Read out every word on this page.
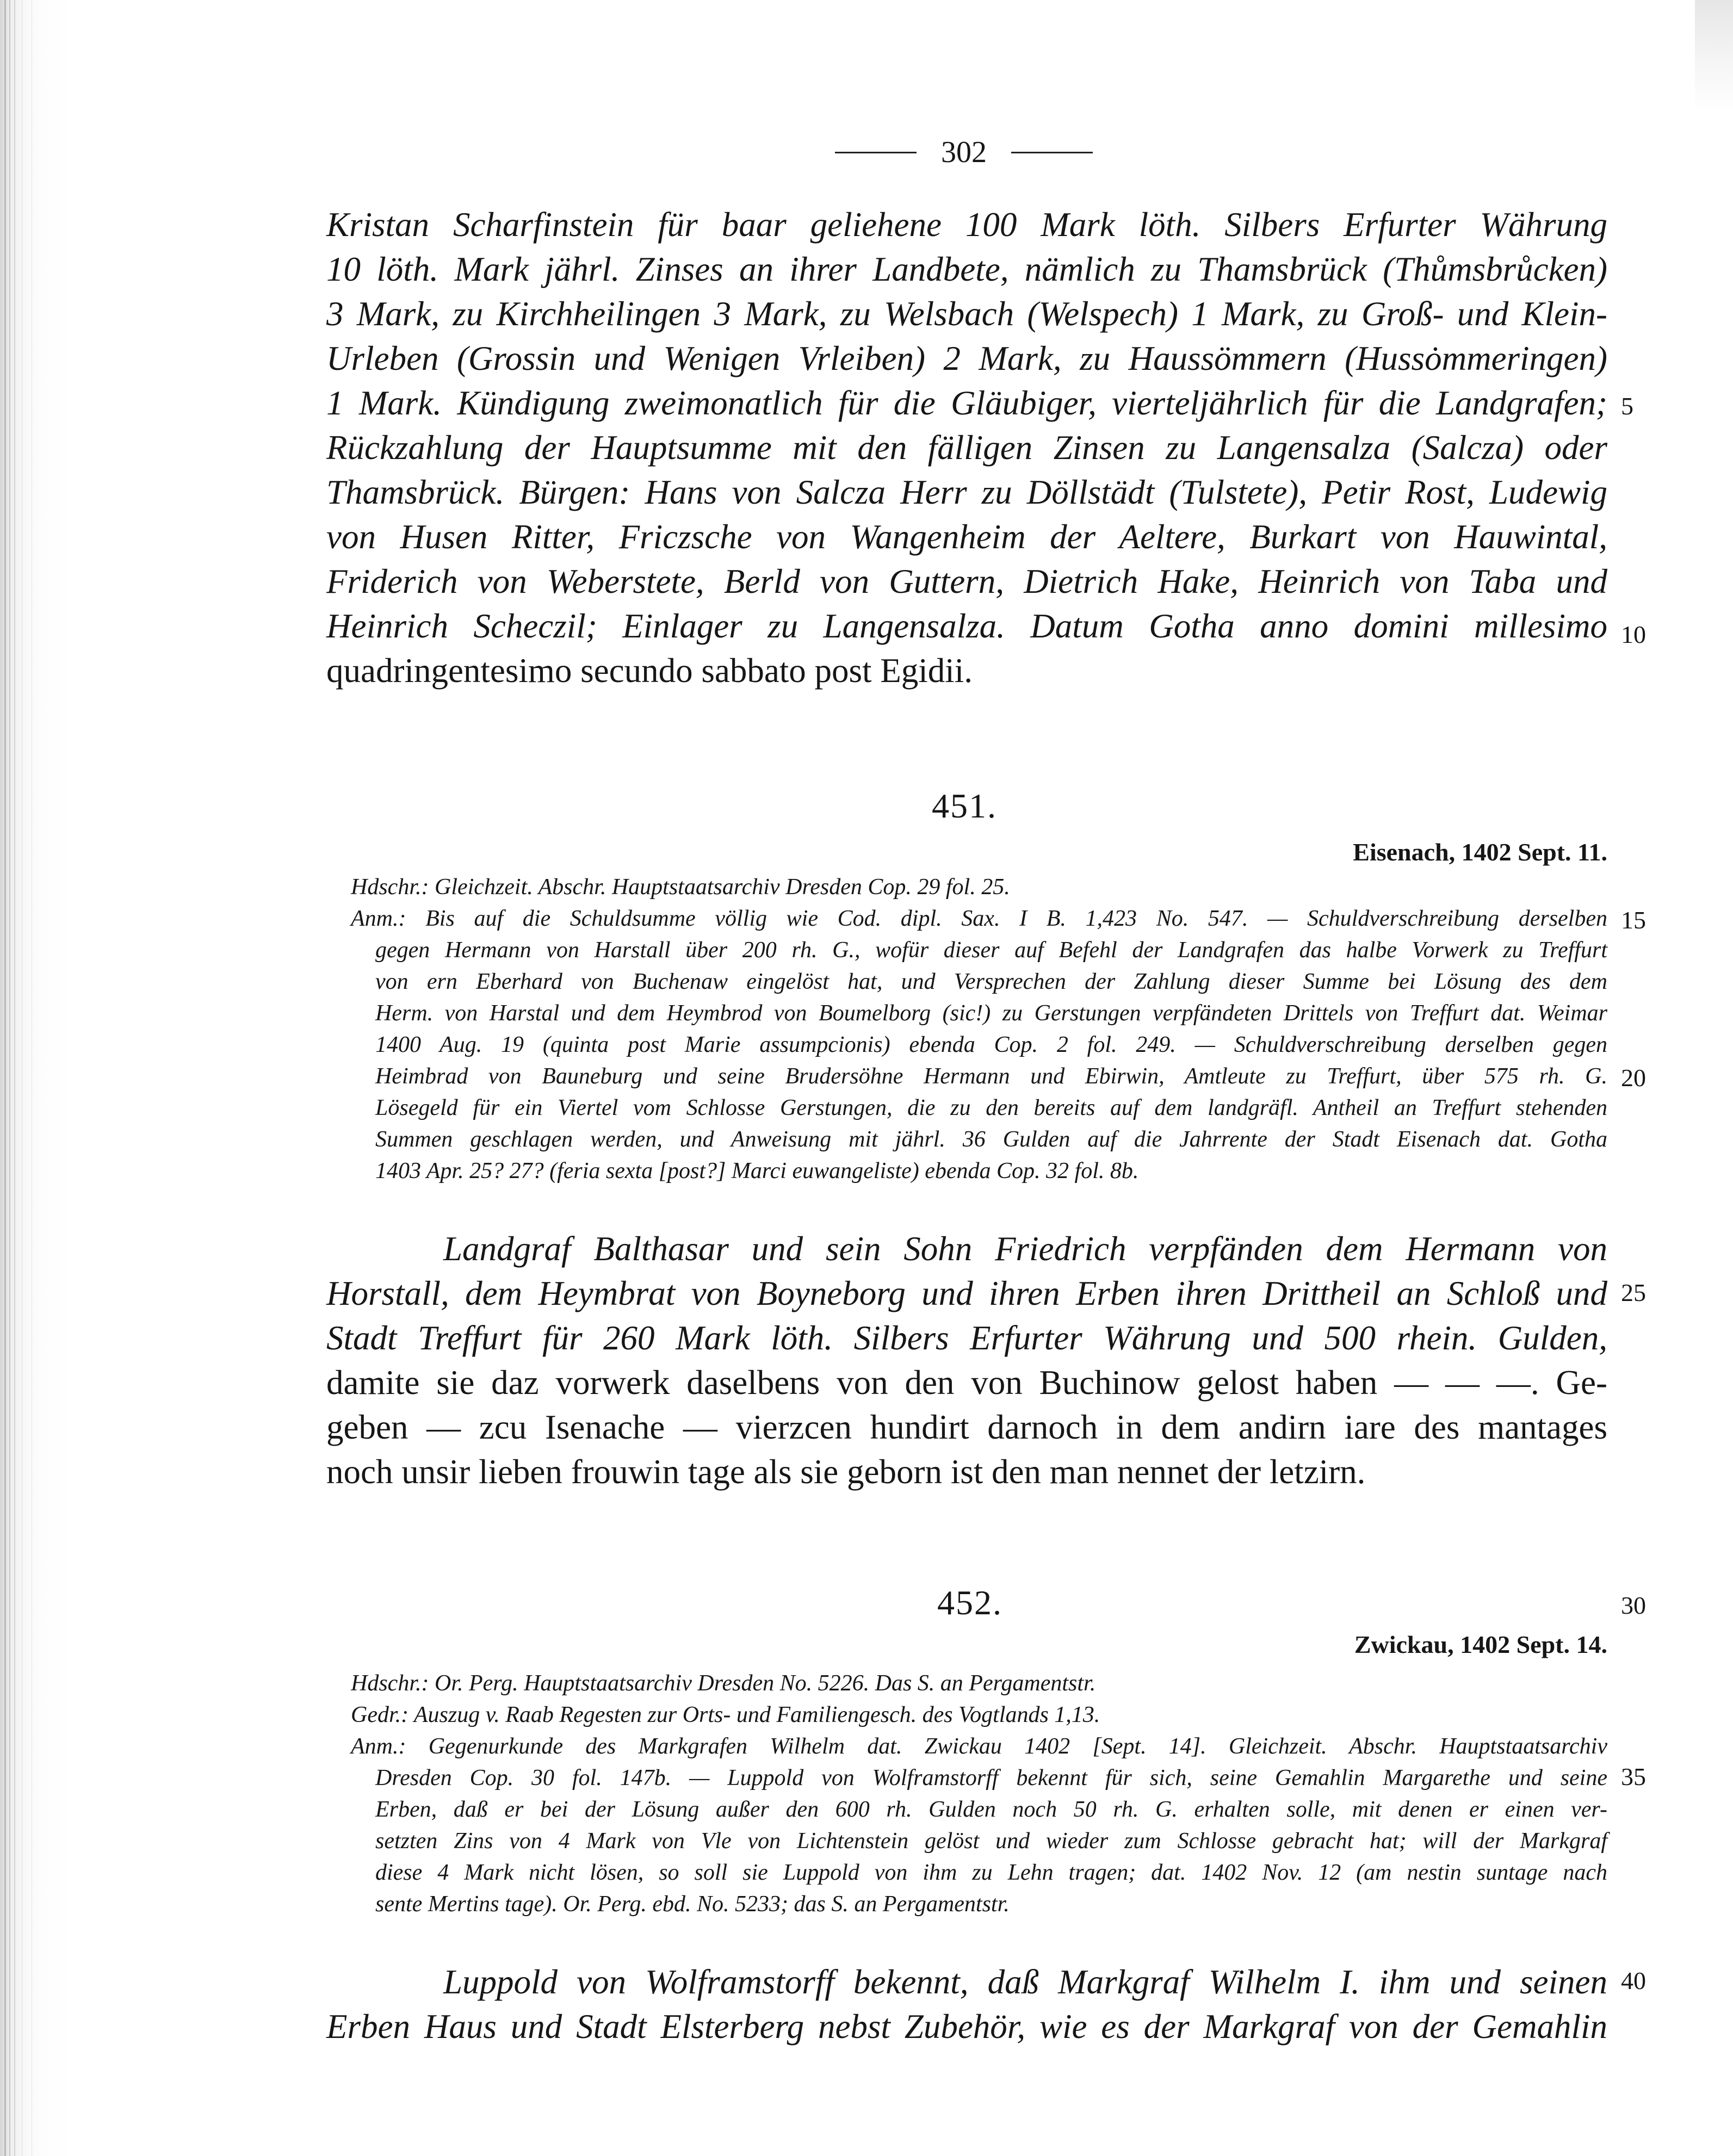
302
Kristan Scharfinstein für baar geliehene 100 Mark löth. Silbers Erfurter Währung
10 löth. Mark jährl. Zinses an ihrer Landbete, nämlich zu Thamsbrück (Thůmsbrůcken)
3 Mark, zu Kirchheilingen 3 Mark, zu Welsbach (Welspech) 1 Mark, zu Groß- und Klein-
Urleben (Grossin und Wenigen Vrleiben) 2 Mark, zu Haussömmern (Hussȯmmeringen)
1 Mark. Kündigung zweimonatlich für die Gläubiger, vierteljährlich für die Landgrafen;
Rückzahlung der Hauptsumme mit den fälligen Zinsen zu Langensalza (Salcza) oder
Thamsbrück. Bürgen: Hans von Salcza Herr zu Döllstädt (Tulstete), Petir Rost, Ludewig
von Husen Ritter, Friczsche von Wangenheim der Aeltere, Burkart von Hauwintal,
Friderich von Weberstete, Berld von Guttern, Dietrich Hake, Heinrich von Taba und
Heinrich Scheczil; Einlager zu Langensalza. Datum Gotha anno domini millesimo
quadringentesimo secundo sabbato post Egidii.
451.
Eisenach, 1402 Sept. 11.
Hdschr.: Gleichzeit. Abschr. Hauptstaatsarchiv Dresden Cop. 29 fol. 25.
Anm.: Bis auf die Schuldsumme völlig wie Cod. dipl. Sax. I B. 1,423 No. 547. — Schuldverschreibung derselben
gegen Hermann von Harstall über 200 rh. G., wofür dieser auf Befehl der Landgrafen das halbe Vorwerk zu Treffurt
von ern Eberhard von Buchenaw eingelöst hat, und Versprechen der Zahlung dieser Summe bei Lösung des dem
Herm. von Harstal und dem Heymbrod von Boumelborg (sic!) zu Gerstungen verpfändeten Drittels von Treffurt dat. Weimar
1400 Aug. 19 (quinta post Marie assumpcionis) ebenda Cop. 2 fol. 249. — Schuldverschreibung derselben gegen
Heimbrad von Bauneburg und seine Brudersöhne Hermann und Ebirwin, Amtleute zu Treffurt, über 575 rh. G.
Lösegeld für ein Viertel vom Schlosse Gerstungen, die zu den bereits auf dem landgräfl. Antheil an Treffurt stehenden
Summen geschlagen werden, und Anweisung mit jährl. 36 Gulden auf die Jahrrente der Stadt Eisenach dat. Gotha
1403 Apr. 25? 27? (feria sexta [post?] Marci euwangeliste) ebenda Cop. 32 fol. 8b.
Landgraf Balthasar und sein Sohn Friedrich verpfänden dem Hermann von
Horstall, dem Heymbrat von Boyneborg und ihren Erben ihren Drittheil an Schloß und
Stadt Treffurt für 260 Mark löth. Silbers Erfurter Währung und 500 rhein. Gulden,
damite sie daz vorwerk daselbens von den von Buchinow gelost haben — — —. Ge-
geben — zcu Isenache — vierzcen hundirt darnoch in dem andirn iare des mantages
noch unsir lieben frouwin tage als sie geborn ist den man nennet der letzirn.
452.
Zwickau, 1402 Sept. 14.
Hdschr.: Or. Perg. Hauptstaatsarchiv Dresden No. 5226. Das S. an Pergamentstr.
Gedr.: Auszug v. Raab Regesten zur Orts- und Familiengesch. des Vogtlands 1,13.
Anm.: Gegenurkunde des Markgrafen Wilhelm dat. Zwickau 1402 [Sept. 14]. Gleichzeit. Abschr. Hauptstaatsarchiv
Dresden Cop. 30 fol. 147b. — Luppold von Wolframstorff bekennt für sich, seine Gemahlin Margarethe und seine
Erben, daß er bei der Lösung außer den 600 rh. Gulden noch 50 rh. G. erhalten solle, mit denen er einen ver-
setzten Zins von 4 Mark von Vle von Lichtenstein gelöst und wieder zum Schlosse gebracht hat; will der Markgraf
diese 4 Mark nicht lösen, so soll sie Luppold von ihm zu Lehn tragen; dat. 1402 Nov. 12 (am nestin suntage nach
sente Mertins tage). Or. Perg. ebd. No. 5233; das S. an Pergamentstr.
Luppold von Wolframstorff bekennt, daß Markgraf Wilhelm I. ihm und seinen
Erben Haus und Stadt Elsterberg nebst Zubehör, wie es der Markgraf von der Gemahlin
5
10
15
20
25
30
35
40
